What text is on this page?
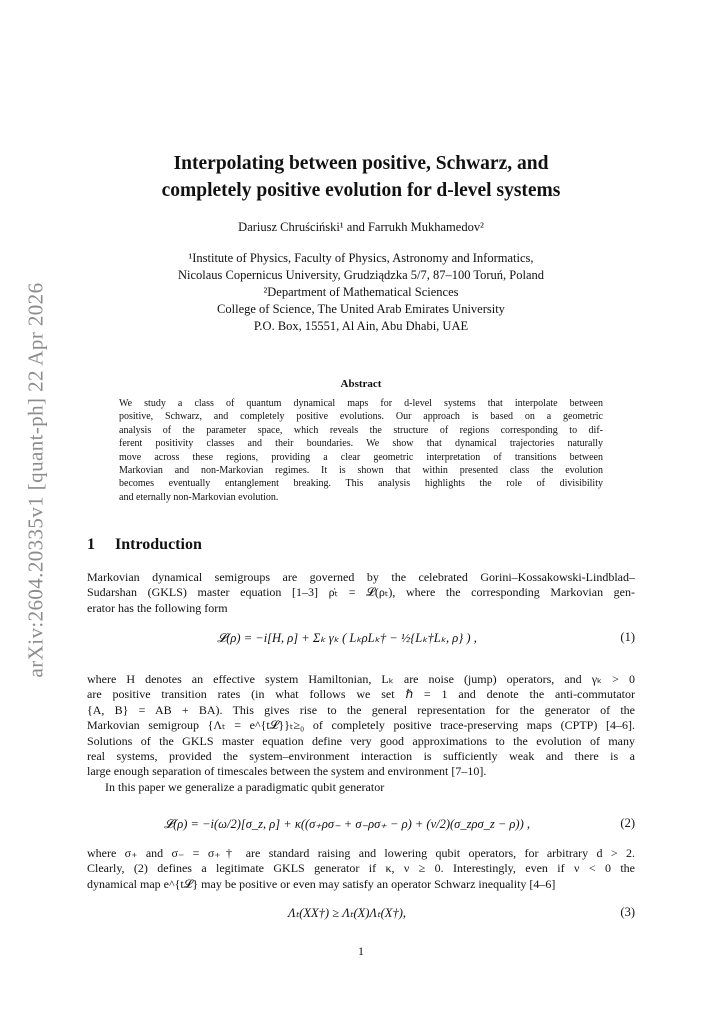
arXiv:2604.20335v1 [quant-ph] 22 Apr 2026
Interpolating between positive, Schwarz, and
completely positive evolution for d-level systems
Dariusz Chruściński¹ and Farrukh Mukhamedov²
¹Institute of Physics, Faculty of Physics, Astronomy and Informatics,
Nicolaus Copernicus University, Grudziądzka 5/7, 87–100 Toruń, Poland
²Department of Mathematical Sciences
College of Science, The United Arab Emirates University
P.O. Box, 15551, Al Ain, Abu Dhabi, UAE
Abstract
We study a class of quantum dynamical maps for d-level systems that interpolate between
positive, Schwarz, and completely positive evolutions. Our approach is based on a geometric
analysis of the parameter space, which reveals the structure of regions corresponding to dif-
ferent positivity classes and their boundaries. We show that dynamical trajectories naturally
move across these regions, providing a clear geometric interpretation of transitions between
Markovian and non-Markovian regimes. It is shown that within presented class the evolution
becomes eventually entanglement breaking. This analysis highlights the role of divisibility
and eternally non-Markovian evolution.
1 Introduction
Markovian dynamical semigroups are governed by the celebrated Gorini–Kossakowski-Lindblad–
Sudarshan (GKLS) master equation [1–3] ρ̇ₜ = 𝓛(ρₜ), where the corresponding Markovian gen-
erator has the following form
𝓛(ρ) = −i[H, ρ] + Σₖ γₖ ( LₖρLₖ† − ½{Lₖ†Lₖ, ρ} ) ,	(1)
where H denotes an effective system Hamiltonian, Lₖ are noise (jump) operators, and γₖ > 0
are positive transition rates (in what follows we set ℏ = 1 and denote the anti-commutator
{A, B} = AB + BA). This gives rise to the general representation for the generator of the
Markovian semigroup {Λₜ = e^{t𝓛}}ₜ≥₀ of completely positive trace-preserving maps (CPTP) [4–6].
Solutions of the GKLS master equation define very good approximations to the evolution of many
real systems, provided the system–environment interaction is sufficiently weak and there is a
large enough separation of timescales between the system and environment [7–10].
In this paper we generalize a paradigmatic qubit generator
𝓛(ρ) = −i(ω/2)[σ_z, ρ] + κ((σ₊ρσ₋ + σ₋ρσ₊ − ρ) + (ν/2)(σ_zρσ_z − ρ)) ,	(2)
where σ₊ and σ₋ = σ₊† are standard raising and lowering qubit operators, for arbitrary d > 2.
Clearly, (2) defines a legitimate GKLS generator if κ, ν ≥ 0. Interestingly, even if ν < 0 the
dynamical map e^{t𝓛} may be positive or even may satisfy an operator Schwarz inequality [4–6]
Λₜ(XX†) ≥ Λₜ(X)Λₜ(X†),	(3)
1
